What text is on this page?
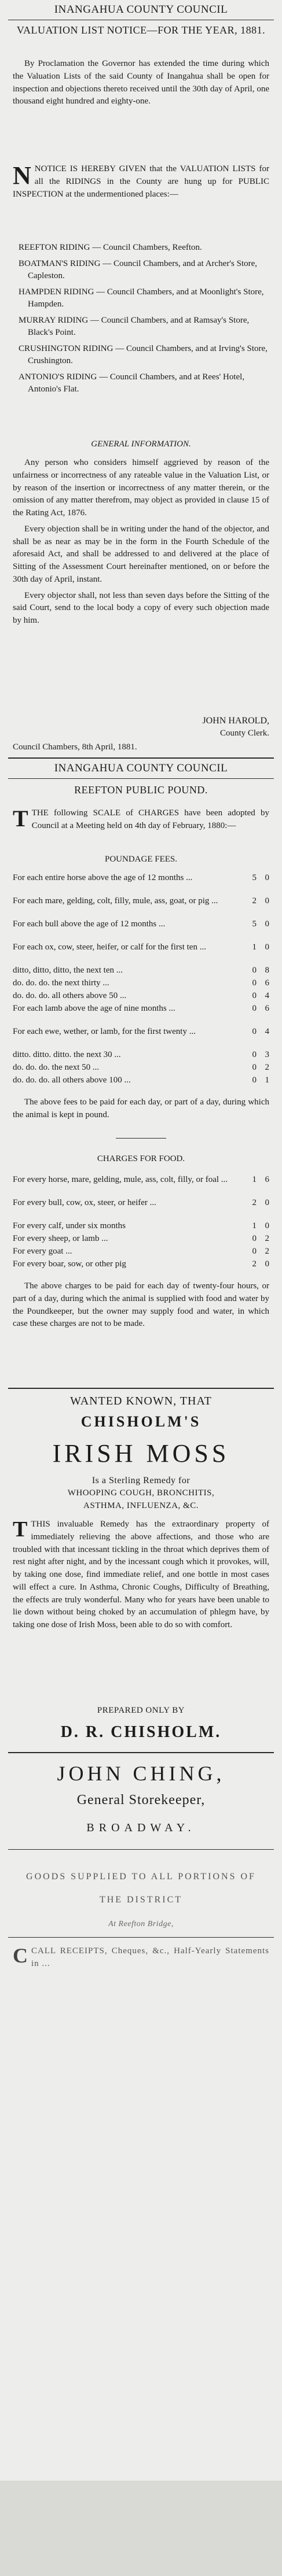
INANGAHUA COUNTY COUNCIL
VALUATION LIST NOTICE—FOR THE YEAR, 1881.

By Proclamation the Governor has extended the time during which the Valuation Lists of the said County of Inangahua shall be open for inspection and objections thereto received until the 30th day of April, one thousand eight hundred and eighty-one.

N NOTICE IS HEREBY GIVEN that the VALUATION LISTS for all the RIDINGS in the County are hung up for PUBLIC INSPECTION at the undermentioned places:—

REEFTON RIDING — Council Chambers, Reefton.

BOATMAN'S RIDING — Council Chambers, and at Archer's Store, Capleston.

HAMPDEN RIDING — Council Chambers, and at Moonlight's Store, Hampden.

MURRAY RIDING — Council Chambers, and at Ramsay's Store, Black's Point.

CRUSHINGTON RIDING — Council Chambers, and at Irving's Store, Crushington.

ANTONIO'S RIDING — Council Chambers, and at Rees' Hotel, Antonio's Flat.

GENERAL INFORMATION.

Any person who considers himself aggrieved by reason of the unfairness or incorrectness of any rateable value in the Valuation List, or by reason of the insertion or incorrectness of any matter therein, or the omission of any matter therefrom, may object as provided in clause 15 of the Rating Act, 1876.

Every objection shall be in writing under the hand of the objector, and shall be as near as may be in the form in the Fourth Schedule of the aforesaid Act, and shall be addressed to and delivered at the place of Sitting of the Assessment Court hereinafter mentioned, on or before the 30th day of April, instant.

Every objector shall, not less than seven days before the Sitting of the said Court, send to the local body a copy of every such objection made by him.

JOHN HAROLD,
County Clerk.
Council Chambers, 8th April, 1881.
INANGAHUA COUNTY COUNCIL
REEFTON PUBLIC POUND.
T THE following SCALE of CHARGES have been adopted by Council at a Meeting held on 4th day of February, 1880:—

POUNDAGE FEES.
For each entire horse above the age of 12 months ...	5 0
For each mare, gelding, colt, filly, mule, ass, goat, or pig ...	2 0
For each bull above the age of 12 months ...	5 0
For each ox, cow, steer, heifer, or calf for the first ten ...	1 0
ditto, ditto, ditto, the next ten ...	0 8
do. do. do. the next thirty ...	0 6
do. do. do. all others above 50 ...	0 4
For each lamb above the age of nine months ...	0 6
For each ewe, wether, or lamb, for the first twenty ...	0 4
ditto. ditto. ditto. the next 30 ...	0 3
do. do. do. the next 50 ...	0 2
do. do. do. all others above 100 ...	0 1

The above fees to be paid for each day, or part of a day, during which the animal is kept in pound.

CHARGES FOR FOOD.
For every horse, mare, gelding, mule, ass, colt, filly, or foal ...	1 6
For every bull, cow, ox, steer, or heifer ...	2 0
For every calf, under six months	1 0
For every sheep, or lamb ...	0 2
For every goat ...	0 2
For every boar, sow, or other pig	2 0

The above charges to be paid for each day of twenty-four hours, or part of a day, during which the animal is supplied with food and water by the Poundkeeper, but the owner may supply food and water, in which case these charges are not to be made.

WANTED KNOWN, THAT
CHISHOLM'S
IRISH MOSS
Is a Sterling Remedy for
WHOOPING COUGH, BRONCHITIS,
ASTHMA, INFLUENZA, &C.
T THIS invaluable Remedy has the extraordinary property of immediately relieving the above affections, and those who are troubled with that incessant tickling in the throat which deprives them of rest night after night, and by the incessant cough which it provokes, will, by taking one dose, find immediate relief, and one bottle in most cases will effect a cure. In Asthma, Chronic Coughs, Difficulty of Breathing, the effects are truly wonderful. Many who for years have been unable to lie down without being choked by an accumulation of phlegm have, by taking one dose of Irish Moss, been able to do so with comfort.

PREPARED ONLY BY
D. R. CHISHOLM.
JOHN CHING,
General Storekeeper,
BROADWAY.
GOODS SUPPLIED TO ALL PORTIONS OF THE DISTRICT
At Reefton Bridge,
C CALL RECEIPTS, Cheques, &c., Half-Yearly Statements in ...
